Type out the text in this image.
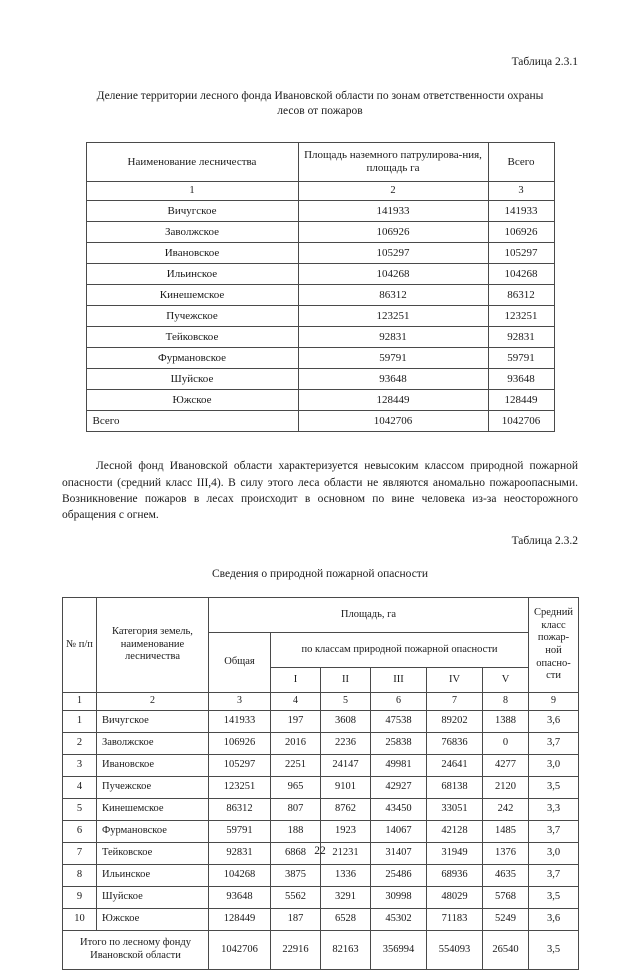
Таблица 2.3.1

Деление территории лесного фонда Ивановской области по зонам ответственности охраны лесов от пожаров

Наименование лесничества	Площадь наземного патрулирова-ния, площадь га	Всего
1	2	3
Вичугское	141933	141933
Заволжское	106926	106926
Ивановское	105297	105297
Ильинское	104268	104268
Кинешемское	86312	86312
Пучежское	123251	123251
Тейковское	92831	92831
Фурмановское	59791	59791
Шуйское	93648	93648
Южское	128449	128449
Всего	1042706	1042706

Лесной фонд Ивановской области характеризуется невысоким классом природной пожарной опасности (средний класс III,4). В силу этого леса области не являются аномально пожароопасными. Возникновение пожаров в лесах происходит в основном по вине человека из-за неосторожного обращения с огнем.

Таблица 2.3.2

Сведения о природной пожарной опасности

№ п/п	Категория земель, наименование лесничества	Площадь, га						Средний класс пожар-ной опасно-сти
		Общая	по классам природной пожарной опасности					
			I	II	III	IV	V	

1	2	3	4	5	6	7	8	9
1	Вичугское	141933	197	3608	47538	89202	1388	3,6
2	Заволжское	106926	2016	2236	25838	76836	0	3,7
3	Ивановское	105297	2251	24147	49981	24641	4277	3,0
4	Пучежское	123251	965	9101	42927	68138	2120	3,5
5	Кинешемское	86312	807	8762	43450	33051	242	3,3
6	Фурмановское	59791	188	1923	14067	42128	1485	3,7
7	Тейковское	92831	6868	21231	31407	31949	1376	3,0
8	Ильинское	104268	3875	1336	25486	68936	4635	3,7
9	Шуйское	93648	5562	3291	30998	48029	5768	3,5
10	Южское	128449	187	6528	45302	71183	5249	3,6
Итого по лесному фонду Ивановской области		1042706	22916	82163	356994	554093	26540	3,5
22
